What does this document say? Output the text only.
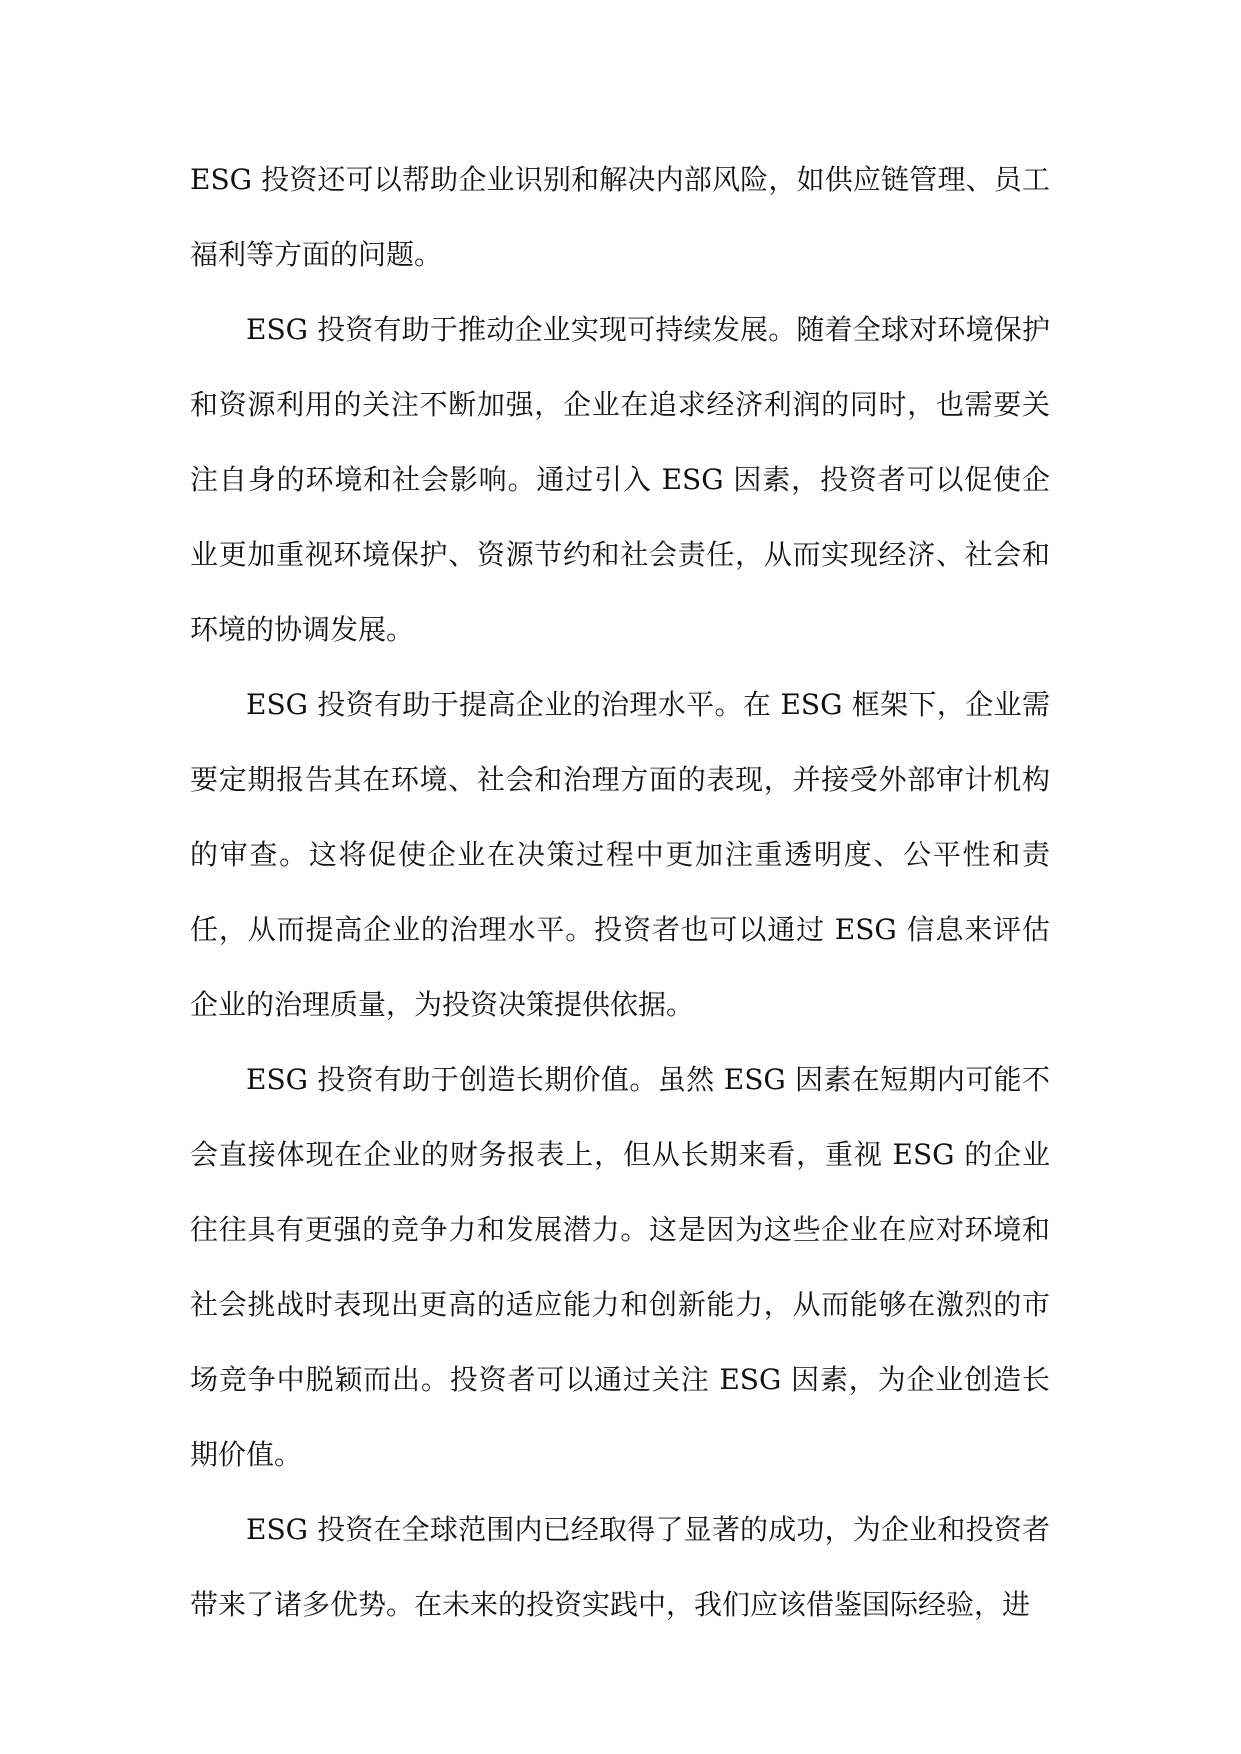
ESG 投资还可以帮助企业识别和解决内部风险，如供应链管理、员工福利等方面的问题。

ESG 投资有助于推动企业实现可持续发展。随着全球对环境保护和资源利用的关注不断加强，企业在追求经济利润的同时，也需要关注自身的环境和社会影响。通过引入 ESG 因素，投资者可以促使企业更加重视环境保护、资源节约和社会责任，从而实现经济、社会和环境的协调发展。

ESG 投资有助于提高企业的治理水平。在 ESG 框架下，企业需要定期报告其在环境、社会和治理方面的表现，并接受外部审计机构的审查。这将促使企业在决策过程中更加注重透明度、公平性和责任，从而提高企业的治理水平。投资者也可以通过 ESG 信息来评估企业的治理质量，为投资决策提供依据。

ESG 投资有助于创造长期价值。虽然 ESG 因素在短期内可能不会直接体现在企业的财务报表上，但从长期来看，重视 ESG 的企业往往具有更强的竞争力和发展潜力。这是因为这些企业在应对环境和社会挑战时表现出更高的适应能力和创新能力，从而能够在激烈的市场竞争中脱颖而出。投资者可以通过关注 ESG 因素，为企业创造长期价值。

ESG 投资在全球范围内已经取得了显著的成功，为企业和投资者带来了诸多优势。在未来的投资实践中，我们应该借鉴国际经验，进
